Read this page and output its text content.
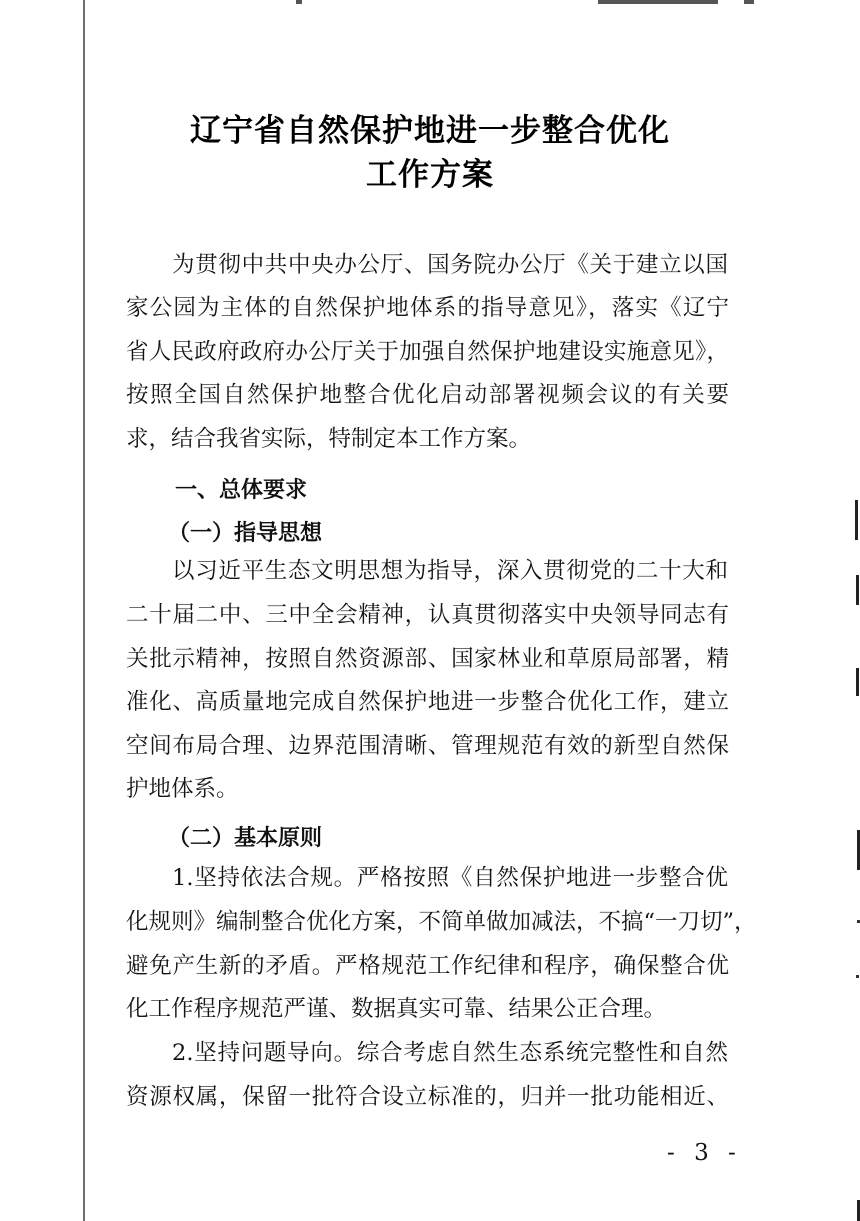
辽宁省自然保护地进一步整合优化
工作方案
为贯彻中共中央办公厅、国务院办公厅《关于建立以国
家公园为主体的自然保护地体系的指导意见》，落实《辽宁
省人民政府政府办公厅关于加强自然保护地建设实施意见》，
按照全国自然保护地整合优化启动部署视频会议的有关要
求，结合我省实际，特制定本工作方案。
一、总体要求
（一）指导思想
以习近平生态文明思想为指导，深入贯彻党的二十大和
二十届二中、三中全会精神，认真贯彻落实中央领导同志有
关批示精神，按照自然资源部、国家林业和草原局部署，精
准化、高质量地完成自然保护地进一步整合优化工作，建立
空间布局合理、边界范围清晰、管理规范有效的新型自然保
护地体系。
（二）基本原则
1.坚持依法合规。严格按照《自然保护地进一步整合优
化规则》编制整合优化方案，不简单做加减法，不搞“一刀切”，
避免产生新的矛盾。严格规范工作纪律和程序，确保整合优
化工作程序规范严谨、数据真实可靠、结果公正合理。
2.坚持问题导向。综合考虑自然生态系统完整性和自然
资源权属，保留一批符合设立标准的，归并一批功能相近、
- 3 -
